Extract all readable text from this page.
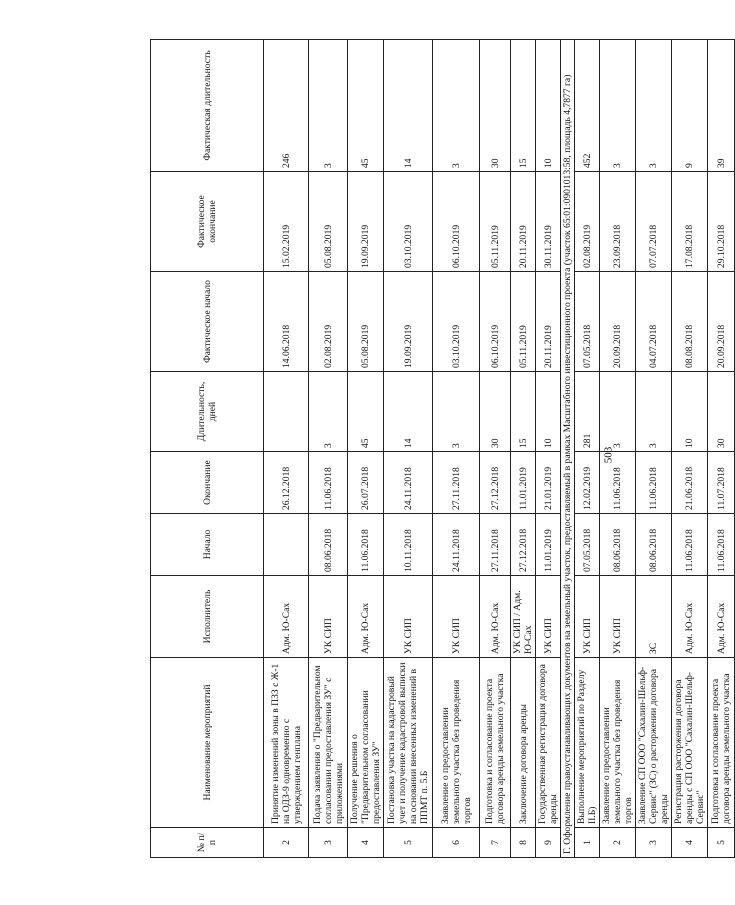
№ п/п	Наименование мероприятий	Исполнитель	Начало	Окончание	Длительность, дней	Фактическое начало	Фактическое окончание	Фактическая длительность
2	Принятие изменений зоны в ПЗЗ с Ж-1 на ОДЗ-9 одновременно с утверждением генплана	Адм. Ю-Сах		26.12.2018		14.06.2018	15.02.2019	246
3	Подача заявления о "Предварительном согласовании предоставления ЗУ" с приложениями	УК СИП	08.06.2018	11.06.2018	3	02.08.2019	05.08.2019	3
4	Получение решения о "Предварительном согласовании предоставления ЗУ"	Адм. Ю-Сах	11.06.2018	26.07.2018	45	05.08.2019	19.09.2019	45
5	Постановка участка на кадастровый учет и получение кадастровой выписки на основании внесенных изменений в ППМТ п. 5.Б	УК СИП	10.11.2018	24.11.2018	14	19.09.2019	03.10.2019	14
6	Заявление о предоставлении земельного участка без проведения торгов	УК СИП	24.11.2018	27.11.2018	3	03.10.2019	06.10.2019	3
7	Подготовка и согласование проекта договора аренды земельного участка	Адм. Ю-Сах	27.11.2018	27.12.2018	30	06.10.2019	05.11.2019	30
8	Заключение договора аренды	УК СИП / Адм. Ю-Сах	27.12.2018	11.01.2019	15	05.11.2019	20.11.2019	15
9	Государственная регистрация договора аренды	УК СИП	11.01.2019	21.01.2019	10	20.11.2019	30.11.2019	10
Г. Оформление правоустанавливающих документов на земельный участок, предоставляемый в рамках Масштабного инвестиционного проекта (участок 65:01:0901013:58, площадь 4,7877 га)								
1	Выполнение мероприятий по Разделу II.Б)	УК СИП	07.05.2018	12.02.2019	281	07.05.2018	02.08.2019	452
2	Заявление о предоставлении земельного участка без проведения торгов	УК СИП	08.06.2018	11.06.2018	3	20.09.2018	23.09.2018	3
3	Заявление СП ООО "Сахалин-Шельф-Сервис" (ЗС) о расторжении договора аренды	ЗС	08.06.2018	11.06.2018	3	04.07.2018	07.07.2018	3
4	Регистрация расторжения договора аренды с СП ООО "Сахалин-Шельф-Сервис"	Адм. Ю-Сах	11.06.2018	21.06.2018	10	08.08.2018	17.08.2018	9
5	Подготовка и согласование проекта договора аренды земельного участка	Адм. Ю-Сах	11.06.2018	11.07.2018	30	20.09.2018	29.10.2018	39
503
